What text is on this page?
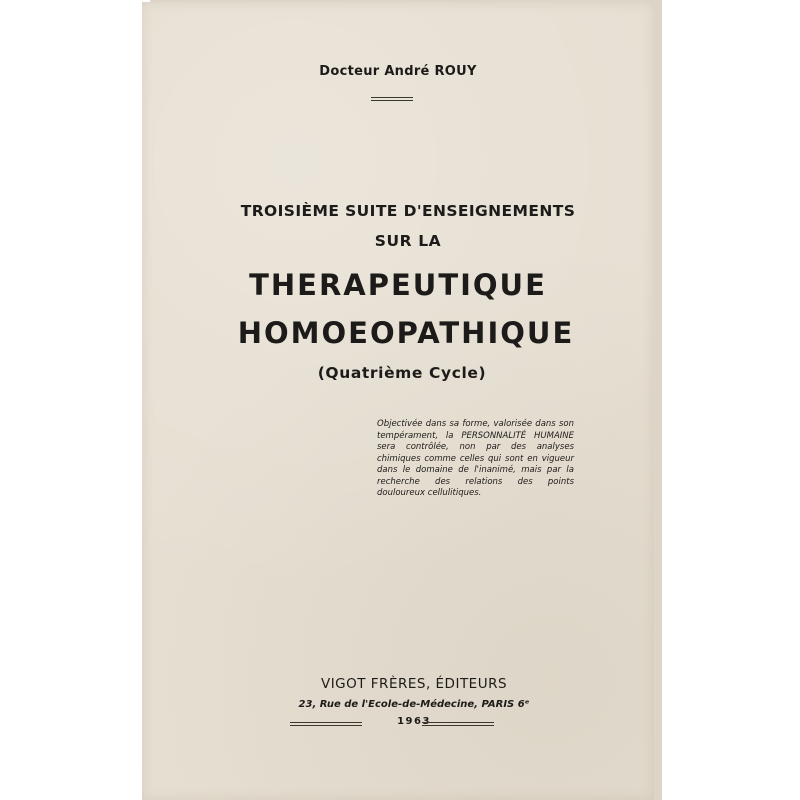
Docteur André ROUY
TROISIÈME SUITE D'ENSEIGNEMENTS
SUR LA
THERAPEUTIQUE
HOMOEOPATHIQUE
(Quatrième Cycle)
Objectivée dans sa forme, valorisée dans son tempérament, la PERSONNALITÉ HUMAINE sera contrôlée, non par des analyses chimiques comme celles qui sont en vigueur dans le domaine de l'inanimé, mais par la recherche des relations des points douloureux cellulitiques.
VIGOT FRÈRES, ÉDITEURS
23, Rue de l'Ecole-de-Médecine, PARIS 6ᵉ
1963
